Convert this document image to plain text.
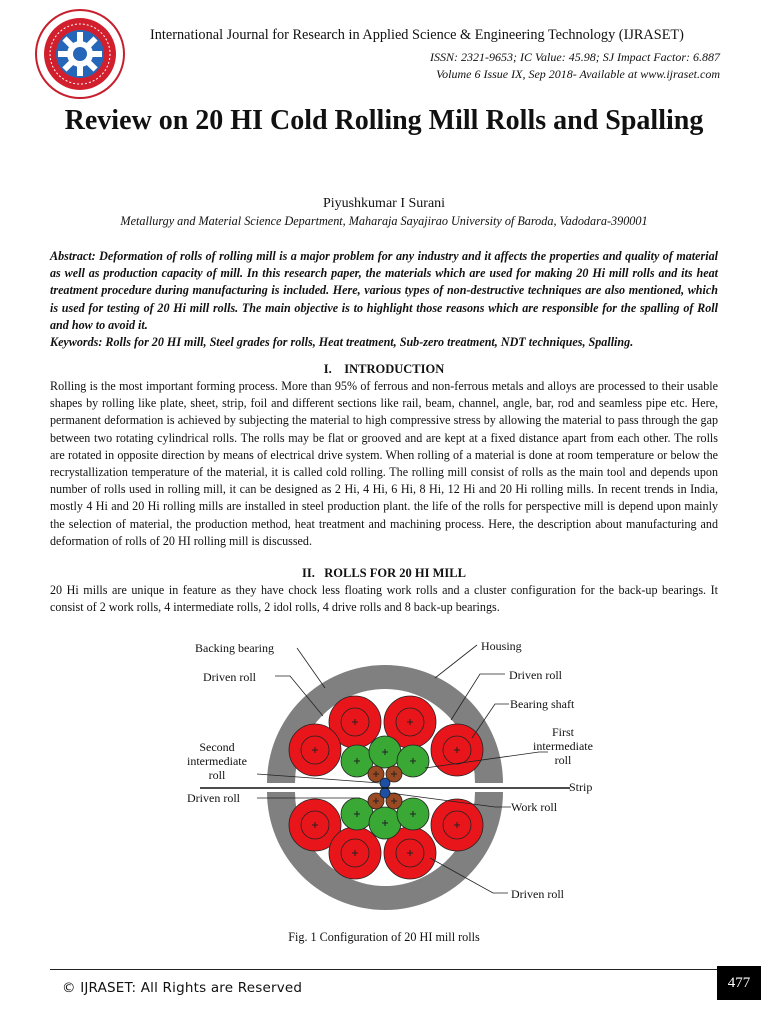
International Journal for Research in Applied Science & Engineering Technology (IJRASET)
ISSN: 2321-9653; IC Value: 45.98; SJ Impact Factor: 6.887
Volume 6 Issue IX, Sep 2018- Available at www.ijraset.com
Review on 20 HI Cold Rolling Mill Rolls and Spalling
Piyushkumar I Surani
Metallurgy and Material Science Department, Maharaja Sayajirao University of Baroda, Vadodara-390001
Abstract: Deformation of rolls of rolling mill is a major problem for any industry and it affects the properties and quality of material as well as production capacity of mill. In this research paper, the materials which are used for making 20 Hi mill rolls and its heat treatment procedure during manufacturing is included. Here, various types of non-destructive techniques are also mentioned, which is used for testing of 20 Hi mill rolls. The main objective is to highlight those reasons which are responsible for the spalling of Roll and how to avoid it.
Keywords: Rolls for 20 HI mill, Steel grades for rolls, Heat treatment, Sub-zero treatment, NDT techniques, Spalling.
I.    INTRODUCTION
Rolling is the most important forming process. More than 95% of ferrous and non-ferrous metals and alloys are processed to their usable shapes by rolling like plate, sheet, strip, foil and different sections like rail, beam, channel, angle, bar, rod and seamless pipe etc. Here, permanent deformation is achieved by subjecting the material to high compressive stress by allowing the material to pass through the gap between two rotating cylindrical rolls. The rolls may be flat or grooved and are kept at a fixed distance apart from each other. The rolls are rotated in opposite direction by means of electrical drive system. When rolling of a material is done at room temperature or below the recrystallization temperature of the material, it is called cold rolling. The rolling mill consist of rolls as the main tool and depends upon number of rolls used in rolling mill, it can be designed as 2 Hi, 4 Hi, 6 Hi, 8 Hi, 12 Hi and 20 Hi rolling mills. In recent trends in India, mostly 4 Hi and 20 Hi rolling mills are installed in steel production plant. the life of the rolls for perspective mill is depend upon mainly the selection of material, the production method, heat treatment and machining process. Here, the description about manufacturing and deformation of rolls of 20 HI rolling mill is discussed.
II.   ROLLS FOR 20 HI MILL
20 Hi mills are unique in feature as they have chock less floating work rolls and a cluster configuration for the back-up bearings. It consist of 2 work rolls, 4 intermediate rolls, 2 idol rolls, 4 drive rolls and 8 back-up bearings.
Backing bearing	Housing
Driven roll	Driven roll
Bearing shaft
First
intermediate
roll
Second
intermediate
roll
Strip
Driven roll
Work roll
Driven roll
Fig. 1 Configuration of 20 HI mill rolls
© IJRASET: All Rights are Reserved	477
